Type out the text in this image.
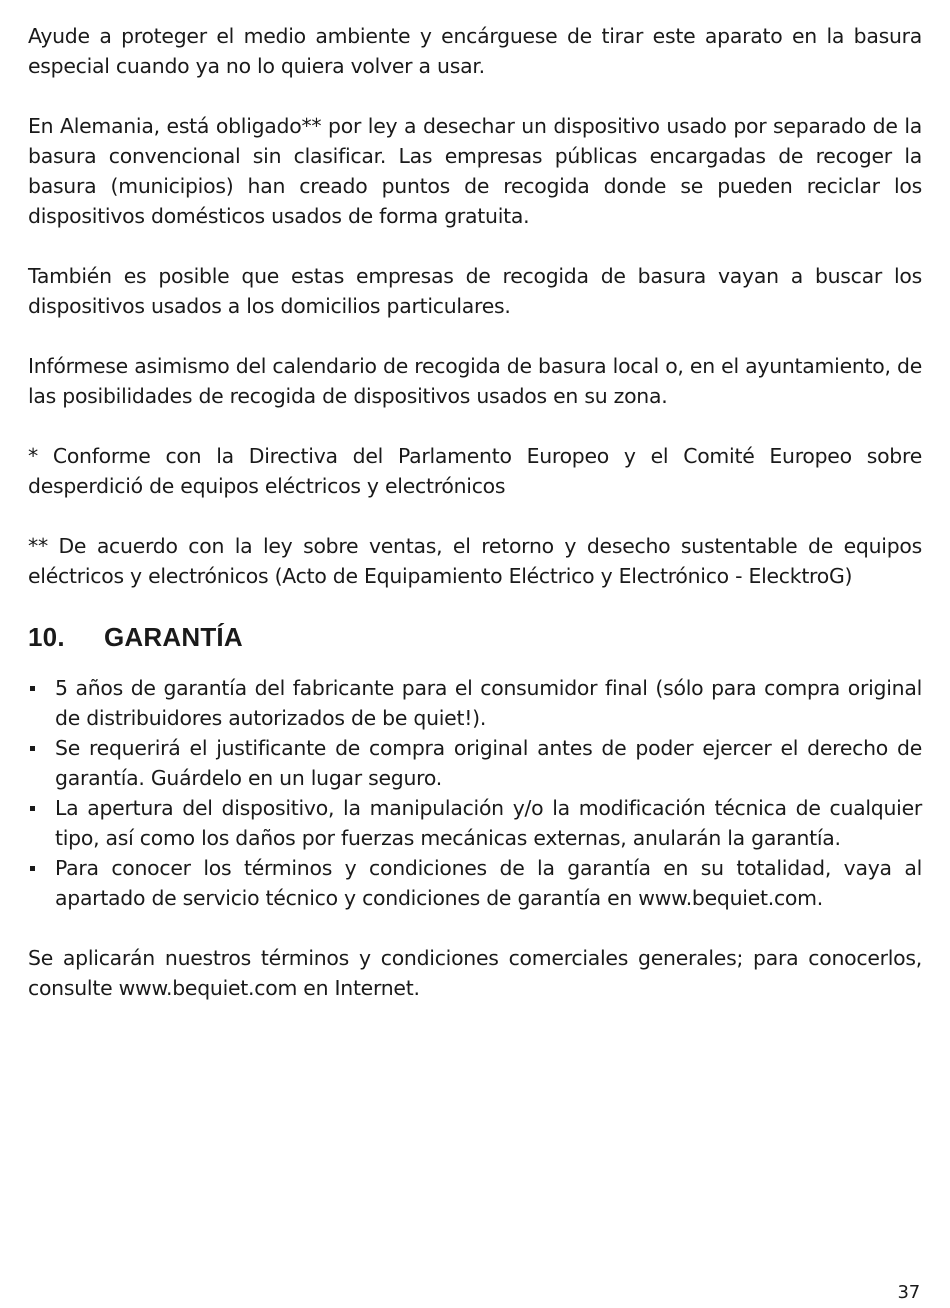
Ayude a proteger el medio ambiente y encárguese de tirar este aparato en la basura especial cuando ya no lo quiera volver a usar.

En Alemania, está obligado** por ley a desechar un dispositivo usado por separado de la basura convencional sin clasificar. Las empresas públicas encargadas de recoger la basura (municipios) han creado puntos de recogida donde se pueden reciclar los dispositivos domésticos usados de forma gratuita.

También es posible que estas empresas de recogida de basura vayan a buscar los dispositivos usados a los domicilios particulares.

Infórmese asimismo del calendario de recogida de basura local o, en el ayuntamiento, de las posibilidades de recogida de dispositivos usados en su zona.

* Conforme con la Directiva del Parlamento Europeo y el Comité Europeo sobre desperdició de equipos eléctricos y electrónicos

** De acuerdo con la ley sobre ventas, el retorno y desecho sustentable de equipos eléctricos y electrónicos (Acto de Equipamiento Eléctrico y Electrónico - ElecktroG)

10. GARANTÍA
5 años de garantía del fabricante para el consumidor final (sólo para compra original de distribuidores autorizados de be quiet!).
Se requerirá el justificante de compra original antes de poder ejercer el derecho de garantía. Guárdelo en un lugar seguro.
La apertura del dispositivo, la manipulación y/o la modificación técnica de cualquier tipo, así como los daños por fuerzas mecánicas externas, anularán la garantía.
Para conocer los términos y condiciones de la garantía en su totalidad, vaya al apartado de servicio técnico y condiciones de garantía en www.bequiet.com.

Se aplicarán nuestros términos y condiciones comerciales generales; para conocerlos, consulte www.bequiet.com en Internet.

37
